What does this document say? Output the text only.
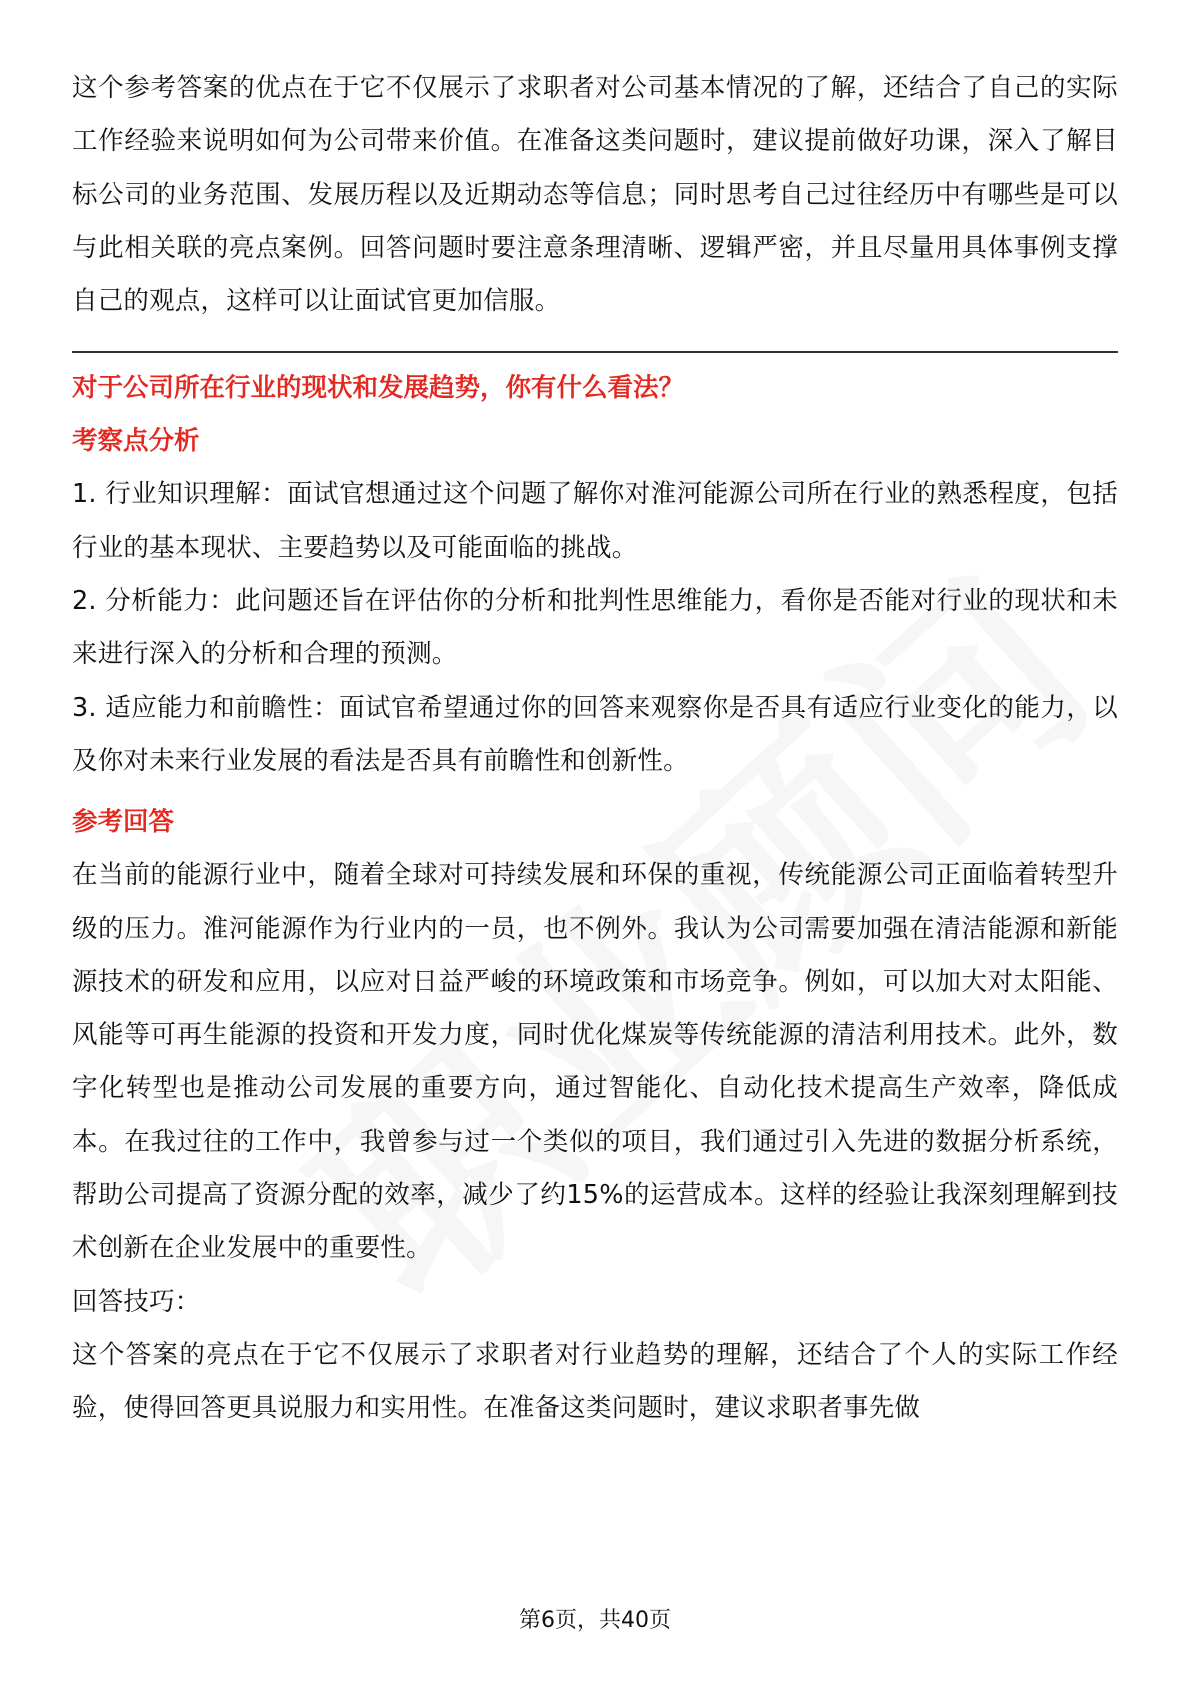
这个参考答案的优点在于它不仅展示了求职者对公司基本情况的了解，还结合了自己的实际工作经验来说明如何为公司带来价值。在准备这类问题时，建议提前做好功课，深入了解目标公司的业务范围、发展历程以及近期动态等信息；同时思考自己过往经历中有哪些是可以与此相关联的亮点案例。回答问题时要注意条理清晰、逻辑严密，并且尽量用具体事例支撑自己的观点，这样可以让面试官更加信服。

对于公司所在行业的现状和发展趋势，你有什么看法？

考察点分析

1. 行业知识理解：面试官想通过这个问题了解你对淮河能源公司所在行业的熟悉程度，包括行业的基本现状、主要趋势以及可能面临的挑战。

2. 分析能力：此问题还旨在评估你的分析和批判性思维能力，看你是否能对行业的现状和未来进行深入的分析和合理的预测。

3. 适应能力和前瞻性：面试官希望通过你的回答来观察你是否具有适应行业变化的能力，以及你对未来行业发展的看法是否具有前瞻性和创新性。

参考回答

在当前的能源行业中，随着全球对可持续发展和环保的重视，传统能源公司正面临着转型升级的压力。淮河能源作为行业内的一员，也不例外。我认为公司需要加强在清洁能源和新能源技术的研发和应用，以应对日益严峻的环境政策和市场竞争。例如，可以加大对太阳能、风能等可再生能源的投资和开发力度，同时优化煤炭等传统能源的清洁利用技术。此外，数字化转型也是推动公司发展的重要方向，通过智能化、自动化技术提高生产效率，降低成本。在我过往的工作中，我曾参与过一个类似的项目，我们通过引入先进的数据分析系统，帮助公司提高了资源分配的效率，减少了约15%的运营成本。这样的经验让我深刻理解到技术创新在企业发展中的重要性。

回答技巧：

这个答案的亮点在于它不仅展示了求职者对行业趋势的理解，还结合了个人的实际工作经验，使得回答更具说服力和实用性。在准备这类问题时，建议求职者事先做

第6页，共40页
